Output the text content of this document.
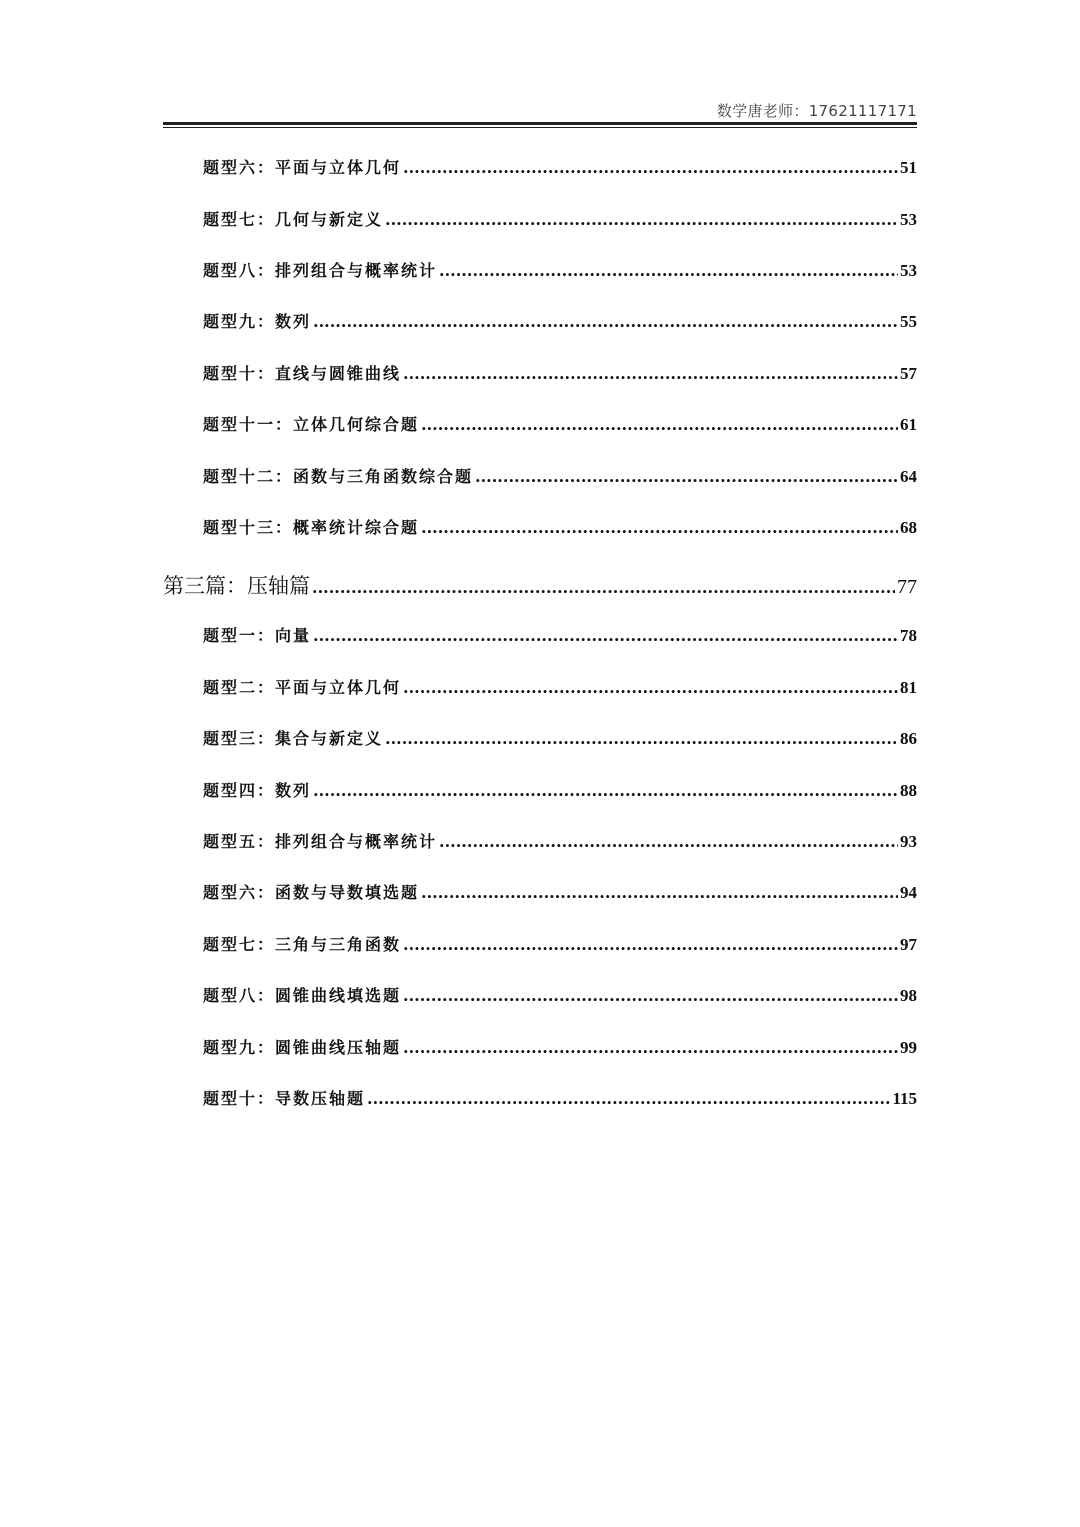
数学唐老师：17621117171
题型六：平面与立体几何 .....	51
题型七：几何与新定义 .....	53
题型八：排列组合与概率统计 .....	53
题型九：数列 .....	55
题型十：直线与圆锥曲线 .....	57
题型十一：立体几何综合题 .....	61
题型十二：函数与三角函数综合题 .....	64
题型十三：概率统计综合题 .....	68
第三篇：压轴篇 .....	77
题型一：向量 .....	78
题型二：平面与立体几何 .....	81
题型三：集合与新定义 .....	86
题型四：数列 .....	88
题型五：排列组合与概率统计 .....	93
题型六：函数与导数填选题 .....	94
题型七：三角与三角函数 .....	97
题型八：圆锥曲线填选题 .....	98
题型九：圆锥曲线压轴题 .....	99
题型十：导数压轴题 .....	115
